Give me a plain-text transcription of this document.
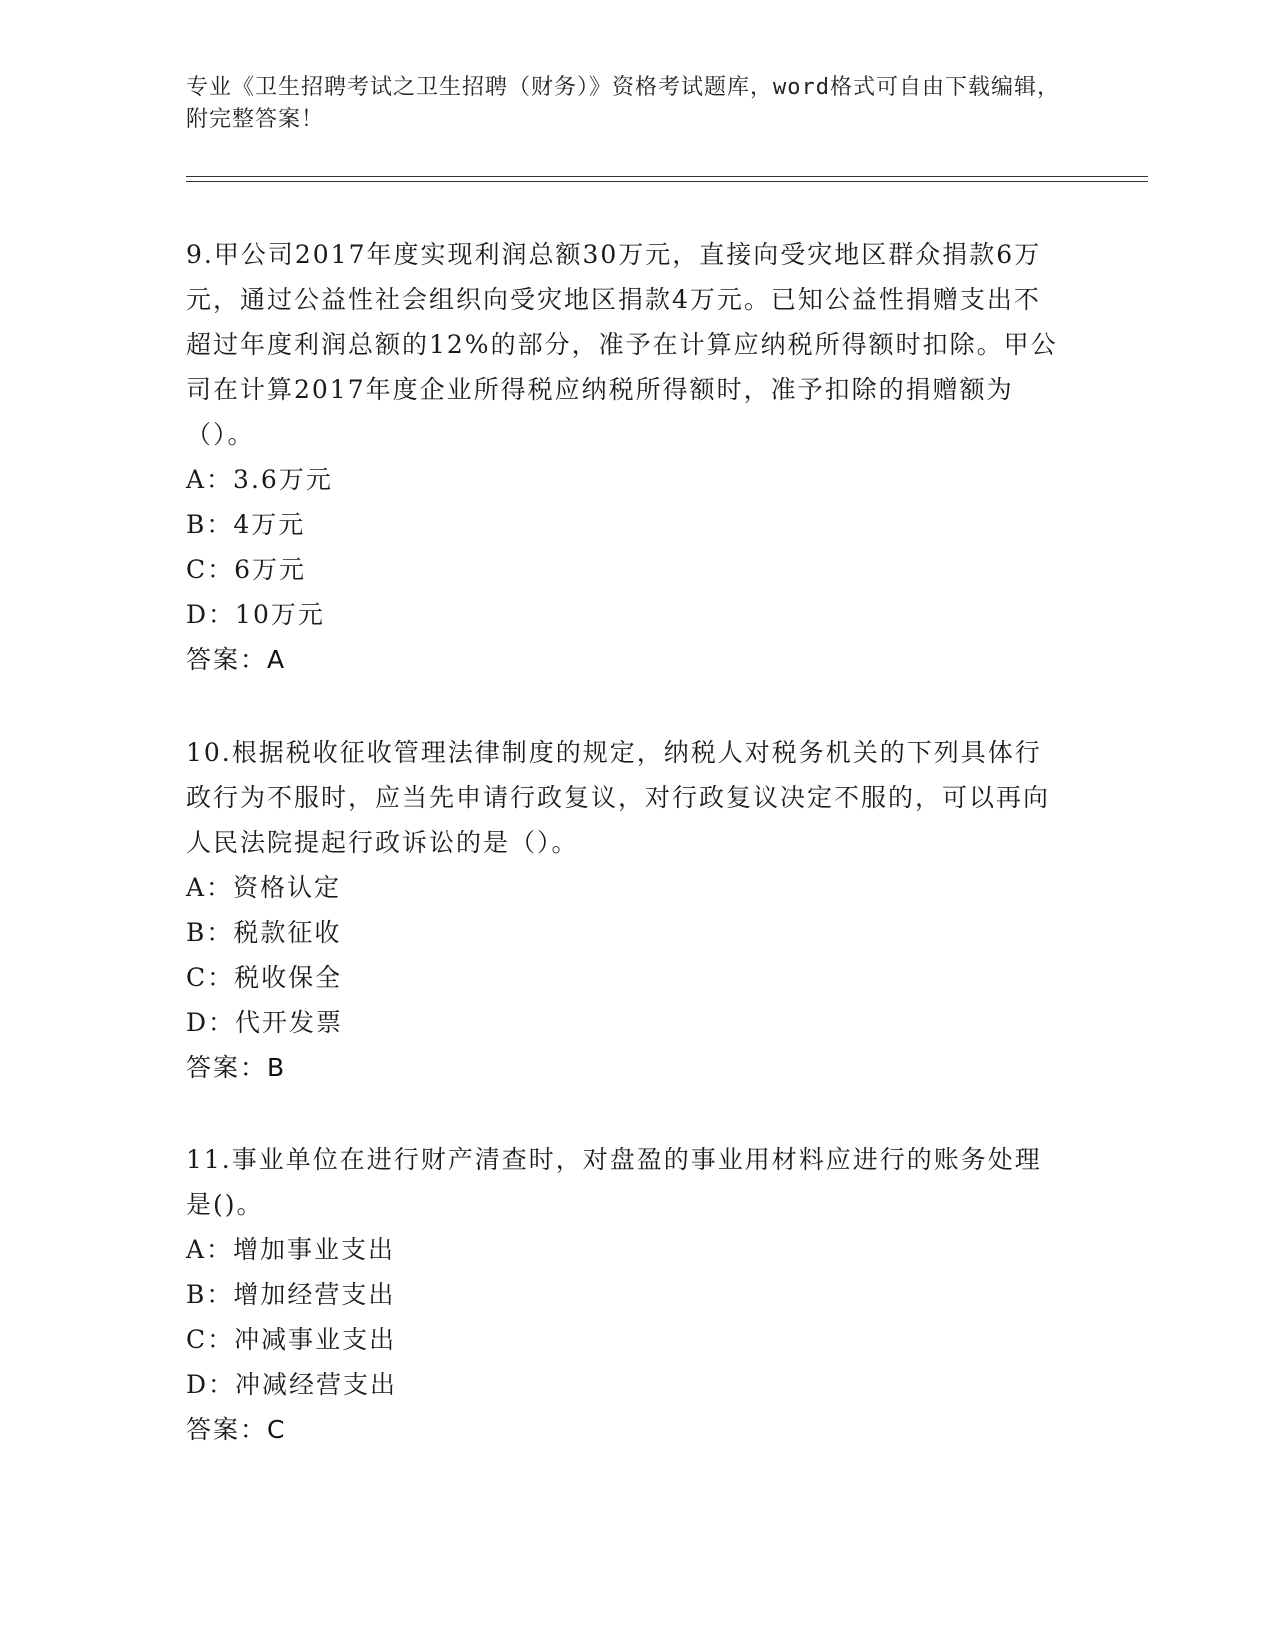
专业《卫生招聘考试之卫生招聘（财务）》资格考试题库，word格式可自由下载编辑，附完整答案！

9.甲公司2017年度实现利润总额30万元，直接向受灾地区群众捐款6万元，通过公益性社会组织向受灾地区捐款4万元。已知公益性捐赠支出不超过年度利润总额的12%的部分，准予在计算应纳税所得额时扣除。甲公司在计算2017年度企业所得税应纳税所得额时，准予扣除的捐赠额为（）。

A：3.6万元
B：4万元
C：6万元
D：10万元

答案：A

10.根据税收征收管理法律制度的规定，纳税人对税务机关的下列具体行政行为不服时，应当先申请行政复议，对行政复议决定不服的，可以再向人民法院提起行政诉讼的是（）。

A：资格认定
B：税款征收
C：税收保全
D：代开发票

答案：B

11.事业单位在进行财产清查时，对盘盈的事业用材料应进行的账务处理是()。

A：增加事业支出
B：增加经营支出
C：冲减事业支出
D：冲减经营支出

答案：C
